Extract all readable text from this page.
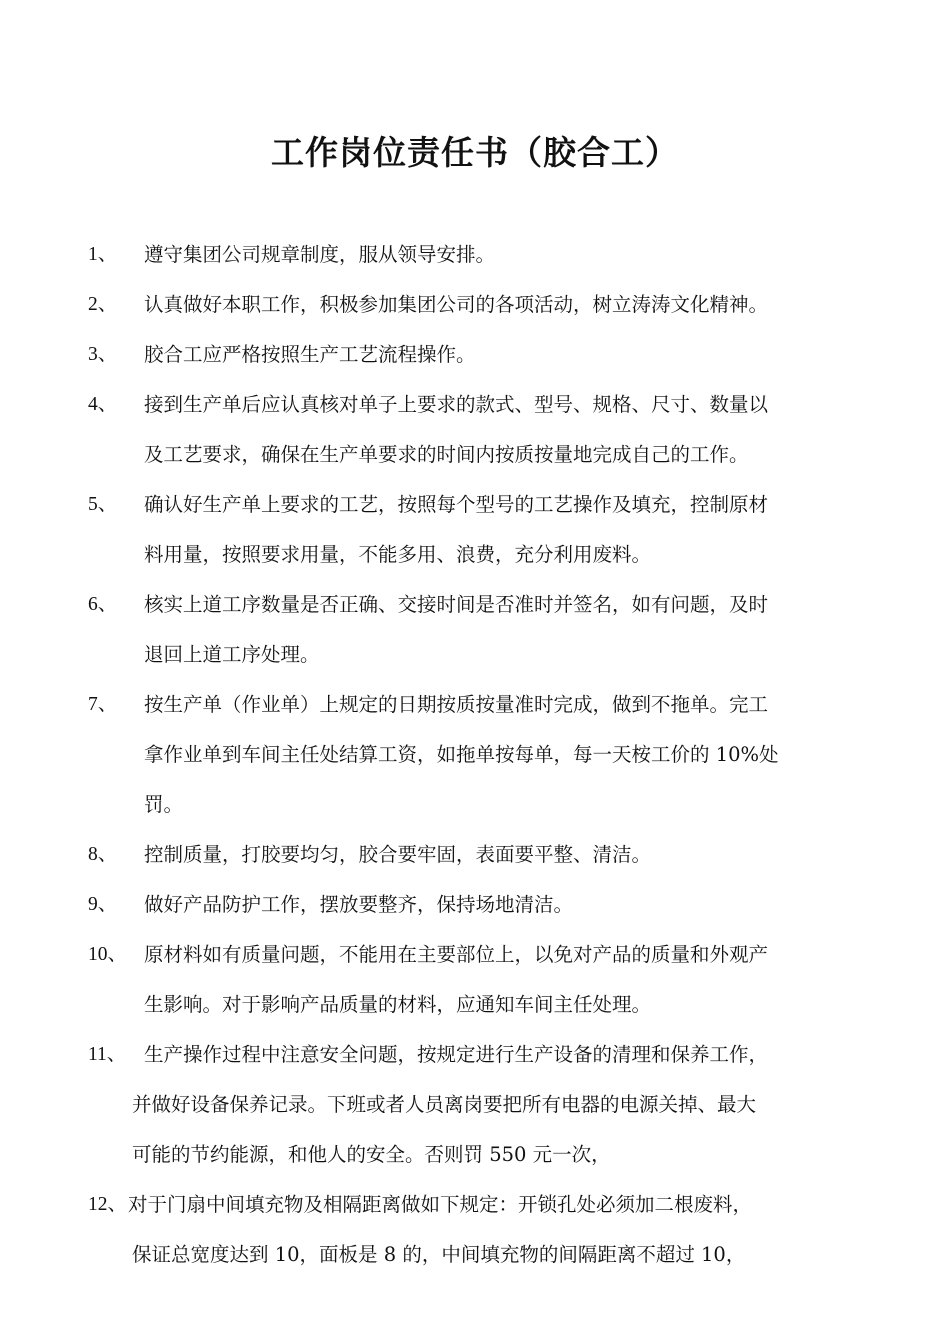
工作岗位责任书（胶合工）
1、	遵守集团公司规章制度，服从领导安排。
2、	认真做好本职工作，积极参加集团公司的各项活动，树立涛涛文化精神。
3、	胶合工应严格按照生产工艺流程操作。
4、	接到生产单后应认真核对单子上要求的款式、型号、规格、尺寸、数量以
及工艺要求，确保在生产单要求的时间内按质按量地完成自己的工作。
5、	确认好生产单上要求的工艺，按照每个型号的工艺操作及填充，控制原材
料用量，按照要求用量，不能多用、浪费，充分利用废料。
6、	核实上道工序数量是否正确、交接时间是否准时并签名，如有问题，及时
退回上道工序处理。
7、	按生产单（作业单）上规定的日期按质按量准时完成，做到不拖单。完工
拿作业单到车间主任处结算工资，如拖单按每单，每一天桉工价的 10%处
罚。
8、	控制质量，打胶要均匀，胶合要牢固，表面要平整、清洁。
9、	做好产品防护工作，摆放要整齐，保持场地清洁。
10、 原材料如有质量问题，不能用在主要部位上，以免对产品的质量和外观产
生影响。对于影响产品质量的材料，应通知车间主任处理。
11、 生产操作过程中注意安全问题，按规定进行生产设备的清理和保养工作，
并做好设备保养记录。下班或者人员离岗要把所有电器的电源关掉、最大
可能的节约能源，和他人的安全。否则罚 550 元一次，
12、 对于门扇中间填充物及相隔距离做如下规定：开锁孔处必须加二根废料，
保证总宽度达到 10，面板是 8 的，中间填充物的间隔距离不超过 10，
